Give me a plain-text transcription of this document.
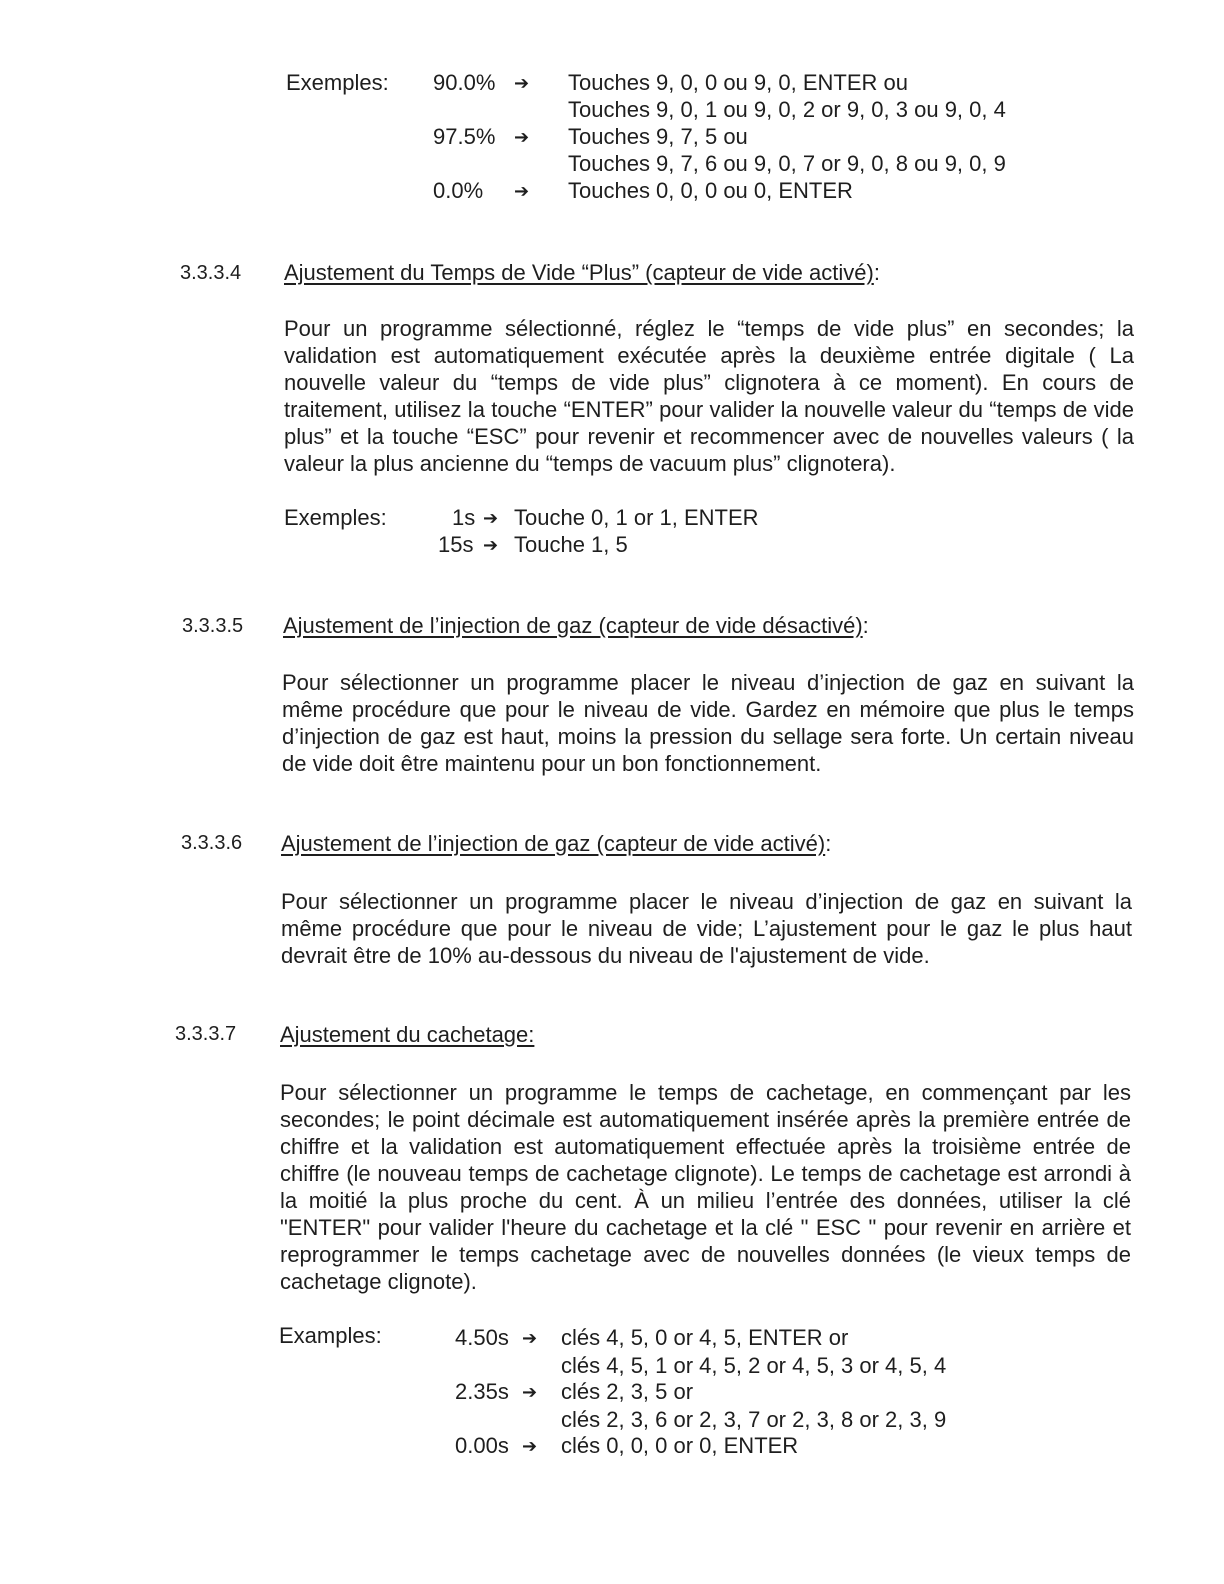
Exemples: 90.0% ➔ Touches 9, 0, 0 ou 9, 0, ENTER ou
Touches 9, 0, 1 ou 9, 0, 2 or 9, 0, 3 ou 9, 0, 4
97.5% ➔ Touches 9, 7, 5 ou
Touches 9, 7, 6 ou 9, 0, 7 or 9, 0, 8 ou 9, 0, 9
0.0% ➔ Touches 0, 0, 0 ou 0, ENTER
3.3.3.4 Ajustement du Temps de Vide “Plus” (capteur de vide activé):
Pour un programme sélectionné, réglez le “temps de vide plus” en secondes; la validation est automatiquement exécutée après la deuxième entrée digitale ( La nouvelle valeur du “temps de vide plus” clignotera à ce moment). En cours de traitement, utilisez la touche “ENTER” pour valider la nouvelle valeur du “temps de vide plus” et la touche “ESC” pour revenir et recommencer avec de nouvelles valeurs ( la valeur la plus ancienne du “temps de vacuum plus” clignotera).
Exemples:	1s ➔ Touche 0, 1 or 1, ENTER
15s ➔ Touche 1, 5
3.3.3.5 Ajustement de l’injection de gaz (capteur de vide désactivé):
Pour sélectionner un programme placer le niveau d’injection de gaz en suivant la même procédure que pour le niveau de vide. Gardez en mémoire que plus le temps d’injection de gaz est haut, moins la pression du sellage sera forte. Un certain niveau de vide doit être maintenu pour un bon fonctionnement.
3.3.3.6 Ajustement de l’injection de gaz (capteur de vide activé):
Pour sélectionner un programme placer le niveau d’injection de gaz en suivant la même procédure que pour le niveau de vide; L’ajustement pour le gaz le plus haut devrait être de 10% au-dessous du niveau de l'ajustement de vide.
3.3.3.7 Ajustement du cachetage:
Pour sélectionner un programme le temps de cachetage, en commençant par les secondes; le point décimale est automatiquement insérée après la première entrée de chiffre et la validation est automatiquement effectuée après la troisième entrée de chiffre (le nouveau temps de cachetage clignote). Le temps de cachetage est arrondi à la moitié la plus proche du cent. À un milieu l’entrée des données, utiliser la clé "ENTER" pour valider l'heure du cachetage et la clé " ESC " pour revenir en arrière et reprogrammer le temps cachetage avec de nouvelles données (le vieux temps de cachetage clignote).
Examples:	4.50s ➔ clés 4, 5, 0 or 4, 5, ENTER or
clés 4, 5, 1 or 4, 5, 2 or 4, 5, 3 or 4, 5, 4
2.35s ➔ clés 2, 3, 5 or
clés 2, 3, 6 or 2, 3, 7 or 2, 3, 8 or 2, 3, 9
0.00s ➔ clés 0, 0, 0 or 0, ENTER
